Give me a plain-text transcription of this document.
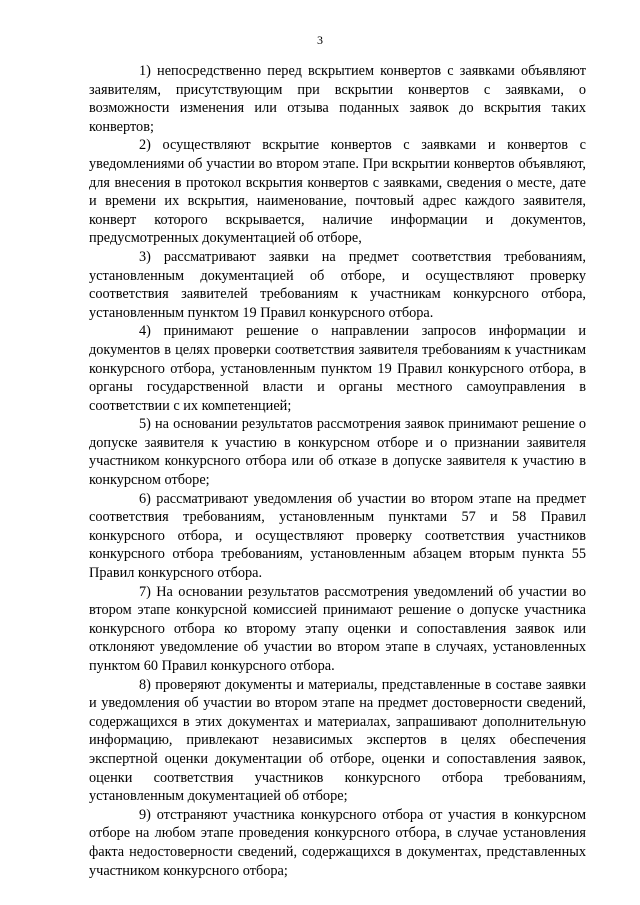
3

1) непосредственно перед вскрытием конвертов с заявками объявляют заявителям, присутствующим при вскрытии конвертов с заявками, о возможности изменения или отзыва поданных заявок до вскрытия таких конвертов;

2) осуществляют вскрытие конвертов с заявками и конвертов с уведомлениями об участии во втором этапе. При вскрытии конвертов объявляют, для внесения в протокол вскрытия конвертов с заявками, сведения о месте, дате и времени их вскрытия, наименование, почтовый адрес каждого заявителя, конверт которого вскрывается, наличие информации и документов, предусмотренных документацией об отборе,

3) рассматривают заявки на предмет соответствия требованиям, установленным документацией об отборе, и осуществляют проверку соответствия заявителей требованиям к участникам конкурсного отбора, установленным пунктом 19 Правил конкурсного отбора.

4) принимают решение о направлении запросов информации и документов в целях проверки соответствия заявителя требованиям к участникам конкурсного отбора, установленным пунктом 19 Правил конкурсного отбора, в органы государственной власти и органы местного самоуправления в соответствии с их компетенцией;

5) на основании результатов рассмотрения заявок принимают решение о допуске заявителя к участию в конкурсном отборе и о признании заявителя участником конкурсного отбора или об отказе в допуске заявителя к участию в конкурсном отборе;

6) рассматривают уведомления об участии во втором этапе на предмет соответствия требованиям, установленным пунктами 57 и 58 Правил конкурсного отбора, и осуществляют проверку соответствия участников конкурсного отбора требованиям, установленным абзацем вторым пункта 55 Правил конкурсного отбора.

7) На основании результатов рассмотрения уведомлений об участии во втором этапе конкурсной комиссией принимают решение о допуске участника конкурсного отбора ко второму этапу оценки и сопоставления заявок или отклоняют уведомление об участии во втором этапе в случаях, установленных пунктом 60 Правил конкурсного отбора.

8) проверяют документы и материалы, представленные в составе заявки и уведомления об участии во втором этапе на предмет достоверности сведений, содержащихся в этих документах и материалах, запрашивают дополнительную информацию, привлекают независимых экспертов в целях обеспечения экспертной оценки документации об отборе, оценки и сопоставления заявок, оценки соответствия участников конкурсного отбора требованиям, установленным документацией об отборе;

9) отстраняют участника конкурсного отбора от участия в конкурсном отборе на любом этапе проведения конкурсного отбора, в случае установления факта недостоверности сведений, содержащихся в документах, представленных участником конкурсного отбора;
